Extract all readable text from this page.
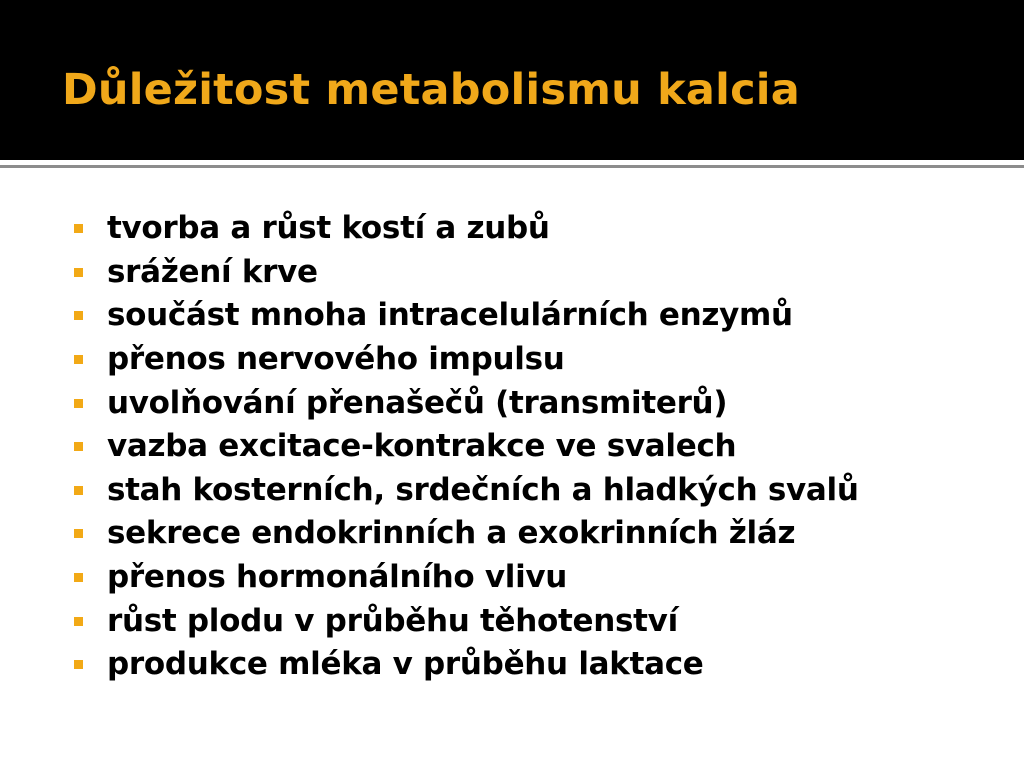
Důležitost metabolismu kalcia
tvorba a růst kostí a zubů
srážení krve
součást mnoha intracelulárních enzymů
přenos nervového impulsu
uvolňování přenašečů (transmiterů)
vazba excitace-kontrakce ve svalech
stah kosterních, srdečních a hladkých svalů
sekrece endokrinních a exokrinních žláz
přenos hormonálního vlivu
růst plodu v průběhu těhotenství
produkce mléka v průběhu laktace
